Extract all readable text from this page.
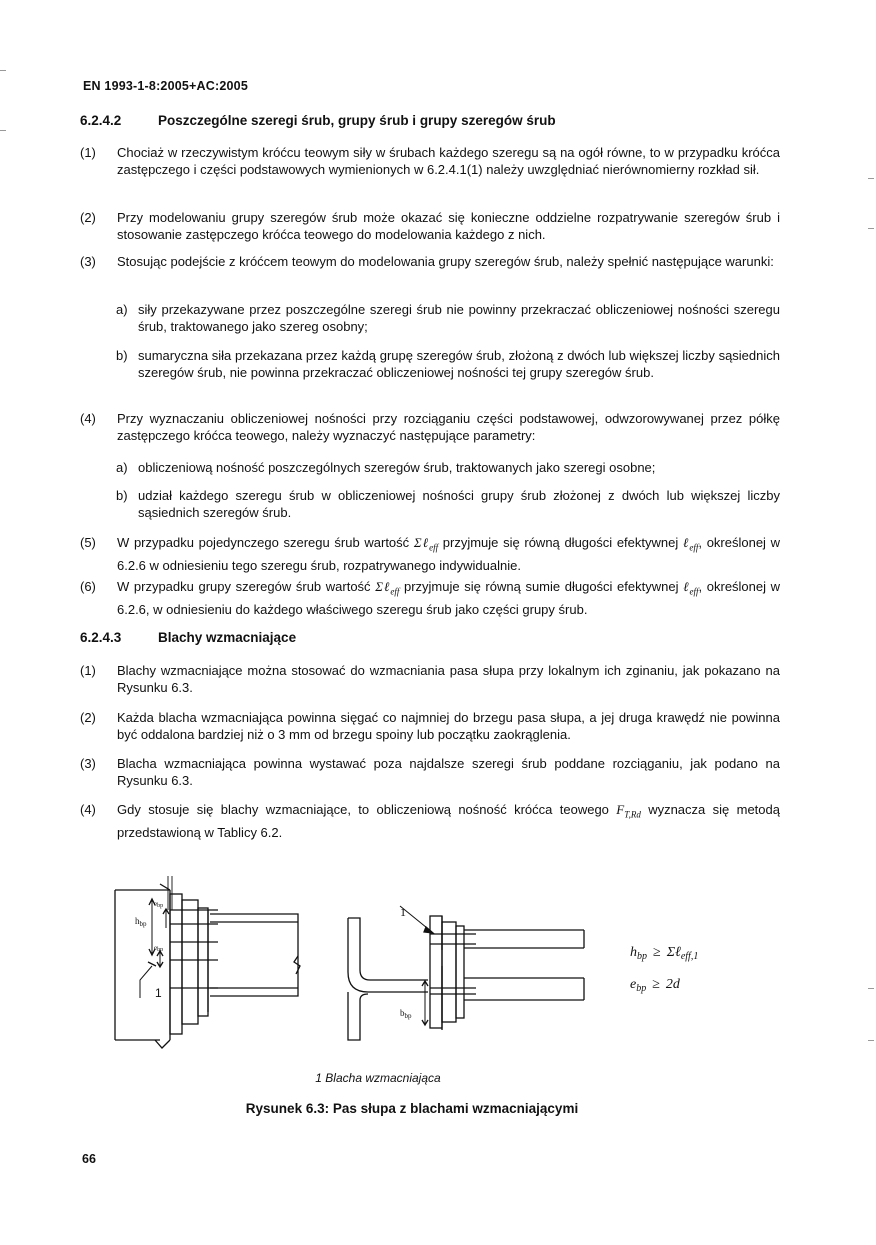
EN 1993-1-8:2005+AC:2005
6.2.4.2	Poszczególne szeregi śrub, grupy śrub i grupy szeregów śrub
(1) Chociaż w rzeczywistym króćcu teowym siły w śrubach każdego szeregu są na ogół równe, to w przypadku króćca zastępczego i części podstawowych wymienionych w 6.2.4.1(1) należy uwzględniać nierównomierny rozkład sił.
(2) Przy modelowaniu grupy szeregów śrub może okazać się konieczne oddzielne rozpatrywanie szeregów śrub i stosowanie zastępczego króćca teowego do modelowania każdego z nich.
(3) Stosując podejście z króćcem teowym do modelowania grupy szeregów śrub, należy spełnić następujące warunki:
a) siły przekazywane przez poszczególne szeregi śrub nie powinny przekraczać obliczeniowej nośności szeregu śrub, traktowanego jako szereg osobny;
b) sumaryczna siła przekazana przez każdą grupę szeregów śrub, złożoną z dwóch lub większej liczby sąsiednich szeregów śrub, nie powinna przekraczać obliczeniowej nośności tej grupy szeregów śrub.
(4) Przy wyznaczaniu obliczeniowej nośności przy rozciąganiu części podstawowej, odwzorowywanej przez półkę zastępczego króćca teowego, należy wyznaczyć następujące parametry:
a) obliczeniową nośność poszczególnych szeregów śrub, traktowanych jako szeregi osobne;
b) udział każdego szeregu śrub w obliczeniowej nośności grupy śrub złożonej z dwóch lub większej liczby sąsiednich szeregów śrub.
(5) W przypadku pojedynczego szeregu śrub wartość Σℓ$_{eff}$ przyjmuje się równą długości efektywnej ℓ$_{eff}$, określonej w 6.2.6 w odniesieniu tego szeregu śrub, rozpatrywanego indywidualnie.
(6) W przypadku grupy szeregów śrub wartość Σℓ$_{eff}$ przyjmuje się równą sumie długości efektywnej ℓ$_{eff}$, określonej w 6.2.6, w odniesieniu do każdego właściwego szeregu śrub jako części grupy śrub.
6.2.4.3	Blachy wzmacniające
(1) Blachy wzmacniające można stosować do wzmacniania pasa słupa przy lokalnym ich zginaniu, jak pokazano na Rysunku 6.3.
(2) Każda blacha wzmacniająca powinna sięgać co najmniej do brzegu pasa słupa, a jej druga krawędź nie powinna być oddalona bardziej niż o 3 mm od brzegu spoiny lub początku zaokrąglenia.
(3) Blacha wzmacniająca powinna wystawać poza najdalsze szeregi śrub poddane rozciąganiu, jak podano na Rysunku 6.3.
(4) Gdy stosuje się blachy wzmacniające, to obliczeniową nośność króćca teowego $F_{T,Rd}$ wyznacza się metodą przedstawioną w Tablicy 6.2.
$h_{bp}$
ebp
ebp
1
1
$b_{bp}$
$h_{bp}$ ≥ Σℓ$_{eff,1}$
$e_{bp} \ge 2d$
1 Blacha wzmacniająca
Rysunek 6.3: Pas słupa z blachami wzmacniającymi
66
